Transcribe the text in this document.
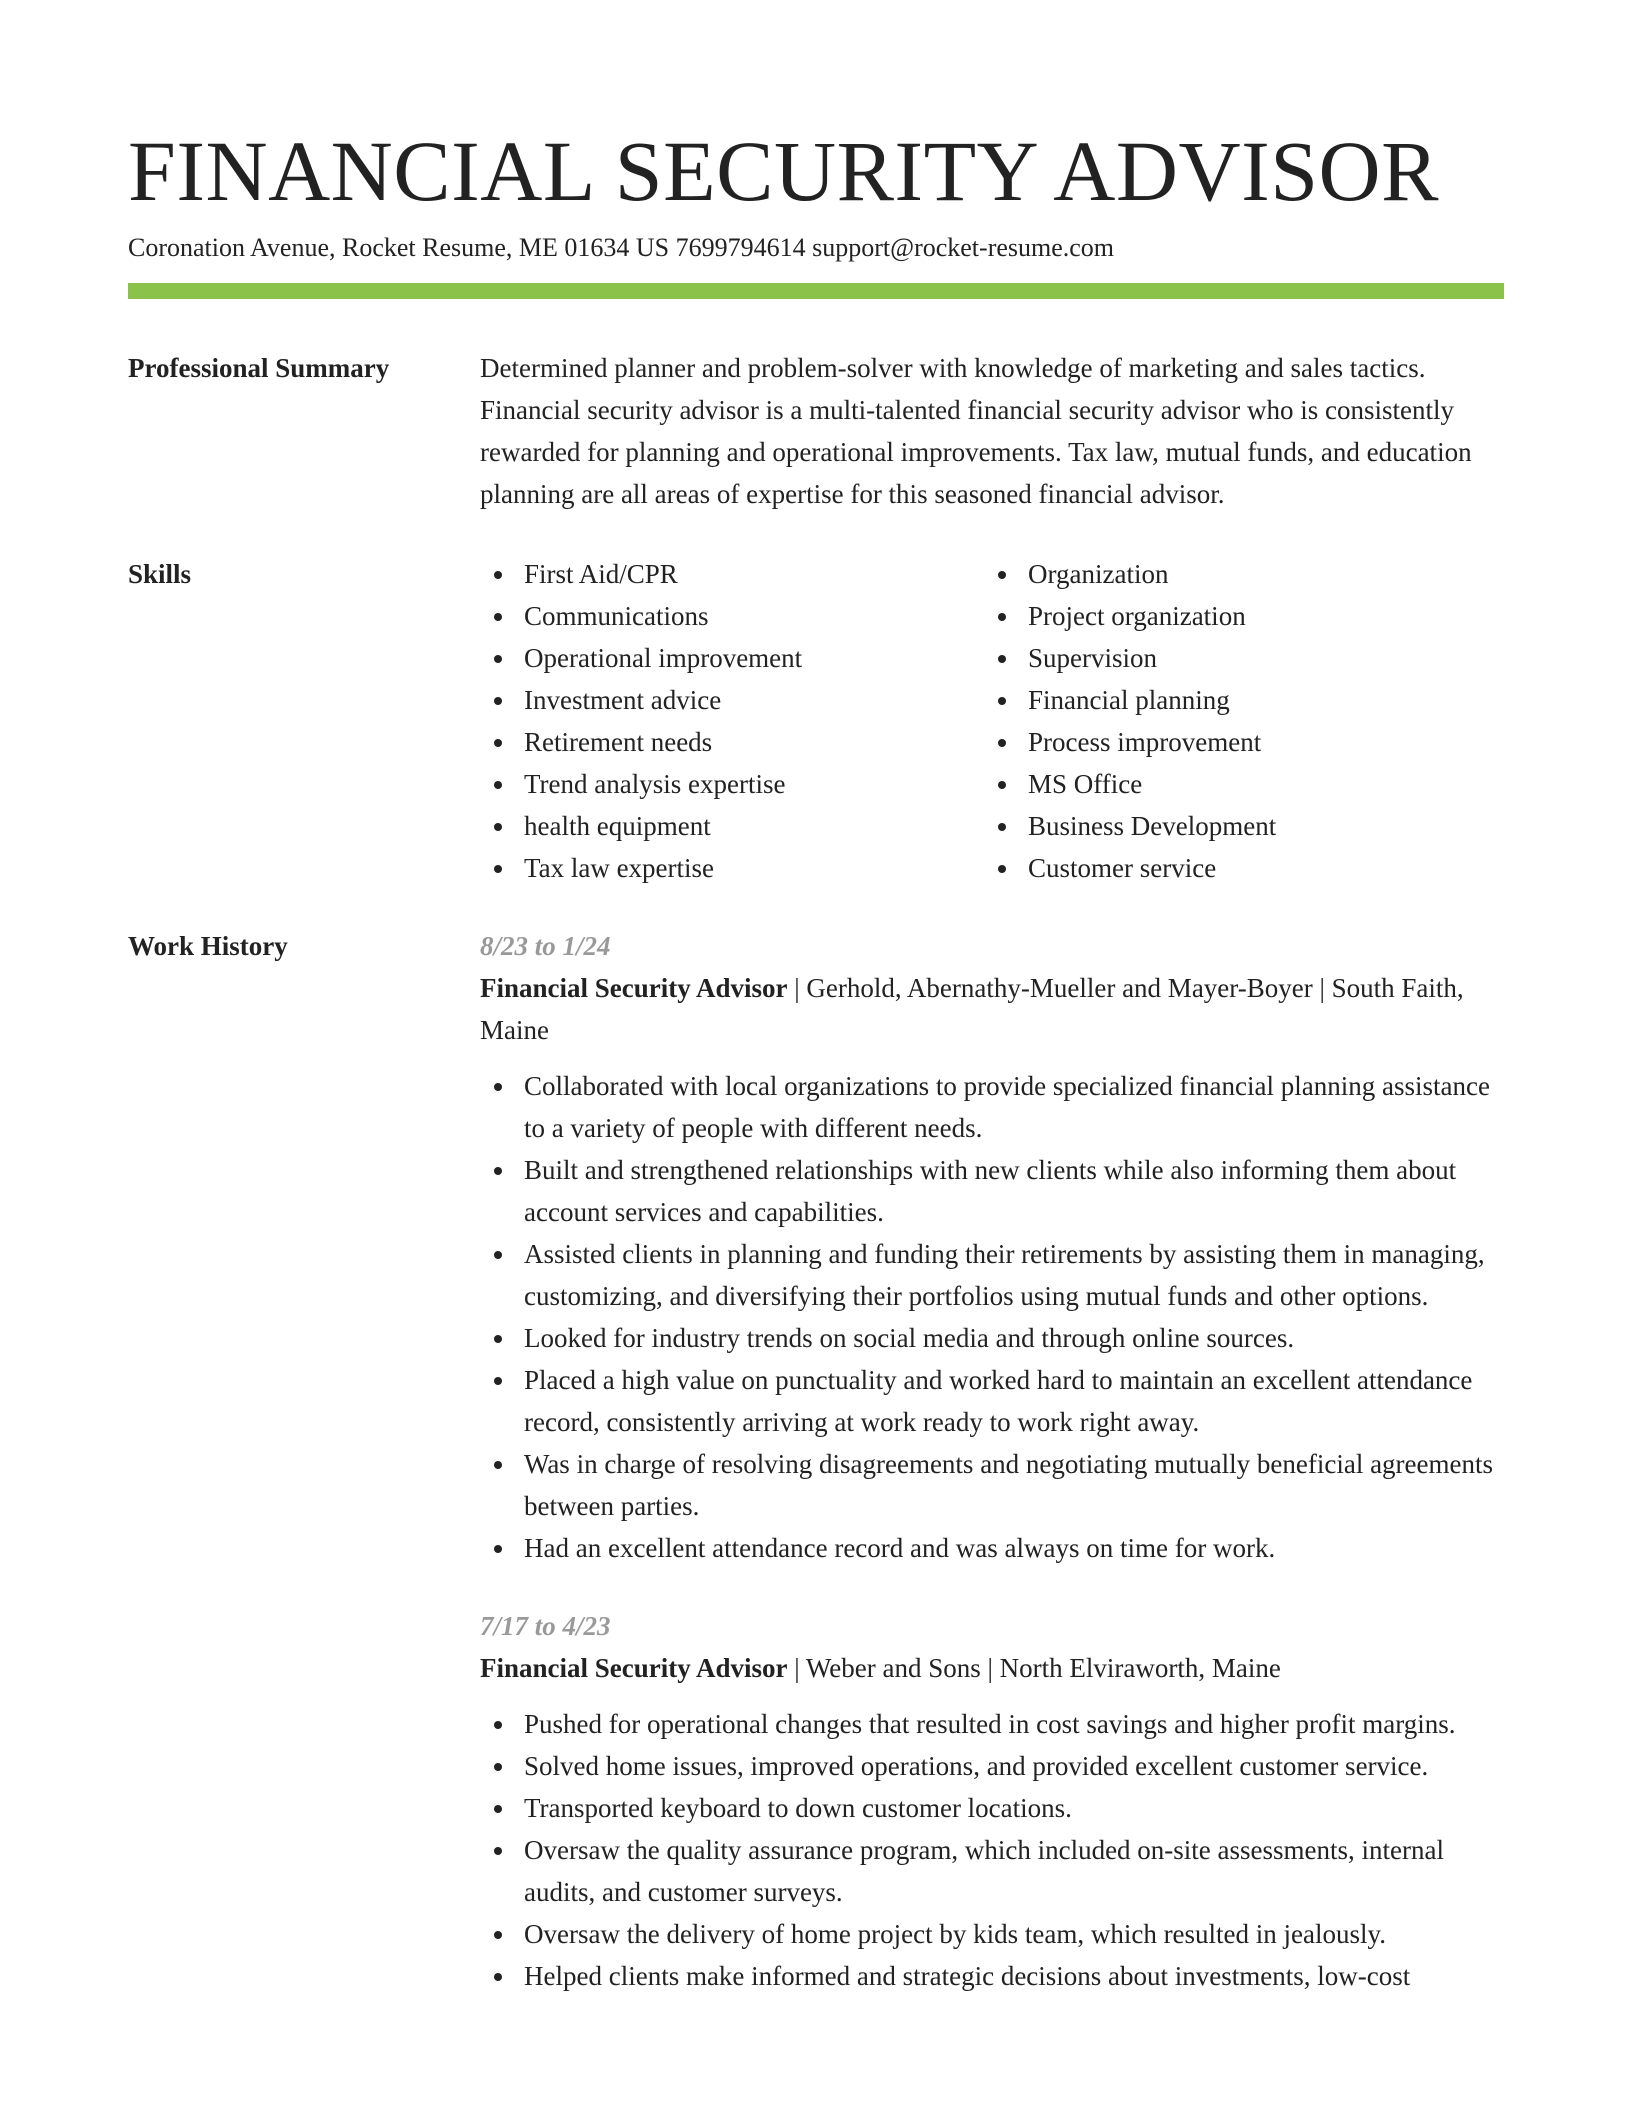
FINANCIAL SECURITY ADVISOR
Coronation Avenue, Rocket Resume, ME 01634 US 7699794614 support@rocket-resume.com
Professional Summary	Determined planner and problem-solver with knowledge of marketing and sales tactics. Financial security advisor is a multi-talented financial security advisor who is consistently rewarded for planning and operational improvements. Tax law, mutual funds, and education planning are all areas of expertise for this seasoned financial advisor.

Skills	First Aid/CPR
Communications
Operational improvement
Investment advice
Retirement needs
Trend analysis expertise
health equipment
Tax law expertise
Organization
Project organization
Supervision
Financial planning
Process improvement
MS Office
Business Development
Customer service
Work History	8/23 to 1/24
Financial Security Advisor | Gerhold, Abernathy-Mueller and Mayer-Boyer | South Faith, Maine
Collaborated with local organizations to provide specialized financial planning assistance to a variety of people with different needs.
Built and strengthened relationships with new clients while also informing them about account services and capabilities.
Assisted clients in planning and funding their retirements by assisting them in managing, customizing, and diversifying their portfolios using mutual funds and other options.
Looked for industry trends on social media and through online sources.
Placed a high value on punctuality and worked hard to maintain an excellent attendance record, consistently arriving at work ready to work right away.
Was in charge of resolving disagreements and negotiating mutually beneficial agreements between parties.
Had an excellent attendance record and was always on time for work.
7/17 to 4/23
Financial Security Advisor | Weber and Sons | North Elviraworth, Maine
Pushed for operational changes that resulted in cost savings and higher profit margins.
Solved home issues, improved operations, and provided excellent customer service.
Transported keyboard to down customer locations.
Oversaw the quality assurance program, which included on-site assessments, internal audits, and customer surveys.
Oversaw the delivery of home project by kids team, which resulted in jealously.
Helped clients make informed and strategic decisions about investments, low-cost
